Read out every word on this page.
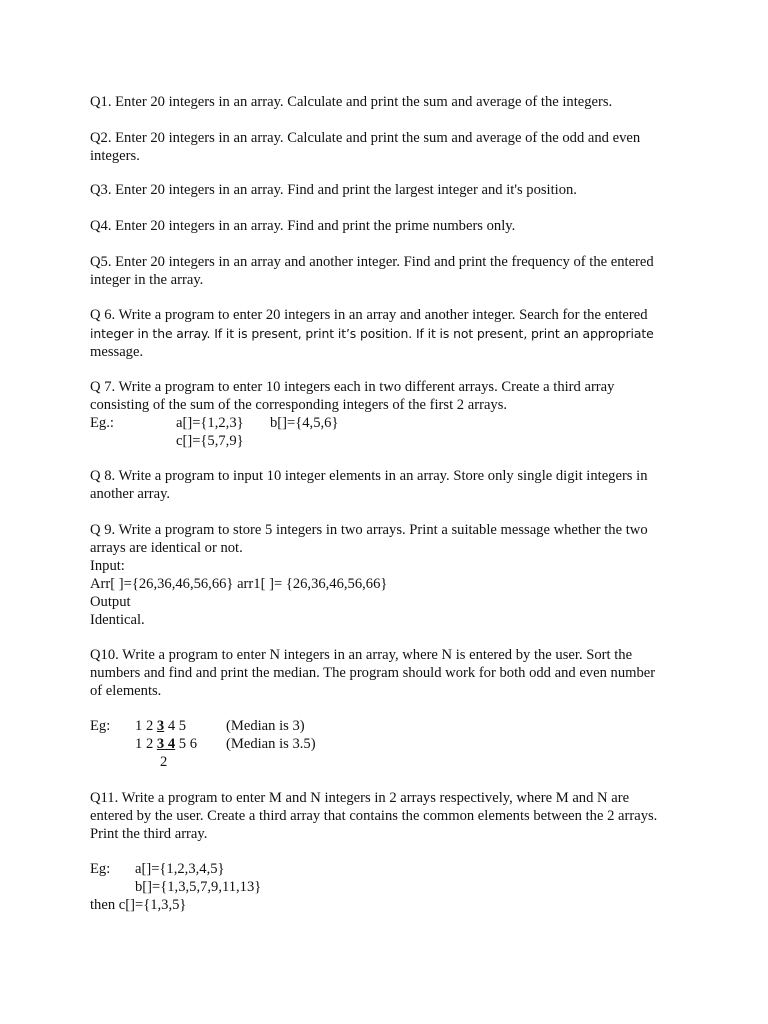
Q1. Enter 20 integers in an array. Calculate and print the sum and average of the integers.
Q2. Enter 20 integers in an array. Calculate and print the sum and average of the odd and even
integers.
Q3. Enter 20 integers in an array. Find and print the largest integer and it's position.
Q4. Enter 20 integers in an array. Find and print the prime numbers only.
Q5. Enter 20 integers in an array and another integer. Find and print the frequency of the entered
integer in the array.
Q 6. Write a program to enter 20 integers in an array and another integer. Search for the entered
integer in the array. If it is present, print it’s position. If it is not present, print an appropriate
message.
Q 7. Write a program to enter 10 integers each in two different arrays. Create a third array
consisting of the sum of the corresponding integers of the first 2 arrays.
Eg.:	a[]={1,2,3} b[]={4,5,6}
c[]={5,7,9}
Q 8. Write a program to input 10 integer elements in an array. Store only single digit integers in
another array.
Q 9. Write a program to store 5 integers in two arrays. Print a suitable message whether the two
arrays are identical or not.
Input:
Arr[ ]={26,36,46,56,66} arr1[ ]= {26,36,46,56,66}
Output
Identical.
Q10. Write a program to enter N integers in an array, where N is entered by the user. Sort the
numbers and find and print the median. The program should work for both odd and even number
of elements.
Eg: 1 2 3 4 5	(Median is 3)
1 2 3 4 5 6 (Median is 3.5)
2
Q11. Write a program to enter M and N integers in 2 arrays respectively, where M and N are
entered by the user. Create a third array that contains the common elements between the 2 arrays.
Print the third array.
Eg: a[]={1,2,3,4,5}
b[]={1,3,5,7,9,11,13}
then c[]={1,3,5}
